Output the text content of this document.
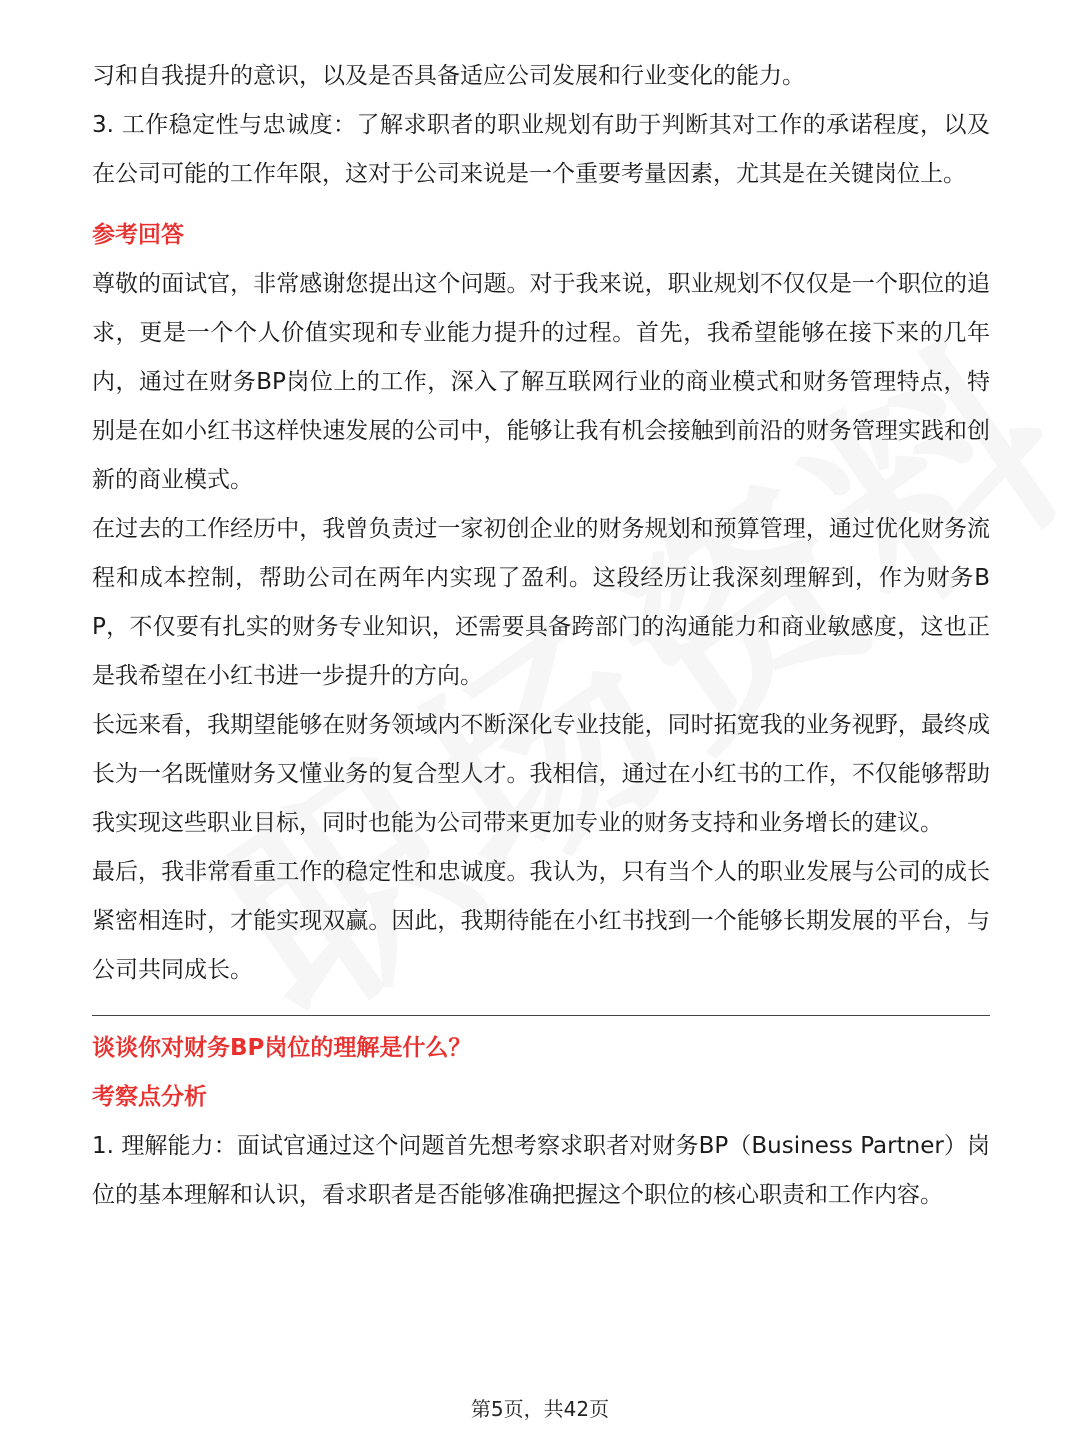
习和自我提升的意识，以及是否具备适应公司发展和行业变化的能力。

3. 工作稳定性与忠诚度：了解求职者的职业规划有助于判断其对工作的承诺程度，以及在公司可能的工作年限，这对于公司来说是一个重要考量因素，尤其是在关键岗位上。

参考回答

尊敬的面试官，非常感谢您提出这个问题。对于我来说，职业规划不仅仅是一个职位的追求，更是一个个人价值实现和专业能力提升的过程。首先，我希望能够在接下来的几年内，通过在财务BP岗位上的工作，深入了解互联网行业的商业模式和财务管理特点，特别是在如小红书这样快速发展的公司中，能够让我有机会接触到前沿的财务管理实践和创新的商业模式。

在过去的工作经历中，我曾负责过一家初创企业的财务规划和预算管理，通过优化财务流程和成本控制，帮助公司在两年内实现了盈利。这段经历让我深刻理解到，作为财务BP，不仅要有扎实的财务专业知识，还需要具备跨部门的沟通能力和商业敏感度，这也正是我希望在小红书进一步提升的方向。

长远来看，我期望能够在财务领域内不断深化专业技能，同时拓宽我的业务视野，最终成长为一名既懂财务又懂业务的复合型人才。我相信，通过在小红书的工作，不仅能够帮助我实现这些职业目标，同时也能为公司带来更加专业的财务支持和业务增长的建议。

最后，我非常看重工作的稳定性和忠诚度。我认为，只有当个人的职业发展与公司的成长紧密相连时，才能实现双赢。因此，我期待能在小红书找到一个能够长期发展的平台，与公司共同成长。

谈谈你对财务BP岗位的理解是什么？
考察点分析

1. 理解能力：面试官通过这个问题首先想考察求职者对财务BP（Business Partner）岗位的基本理解和认识，看求职者是否能够准确把握这个职位的核心职责和工作内容。

第5页，共42页
